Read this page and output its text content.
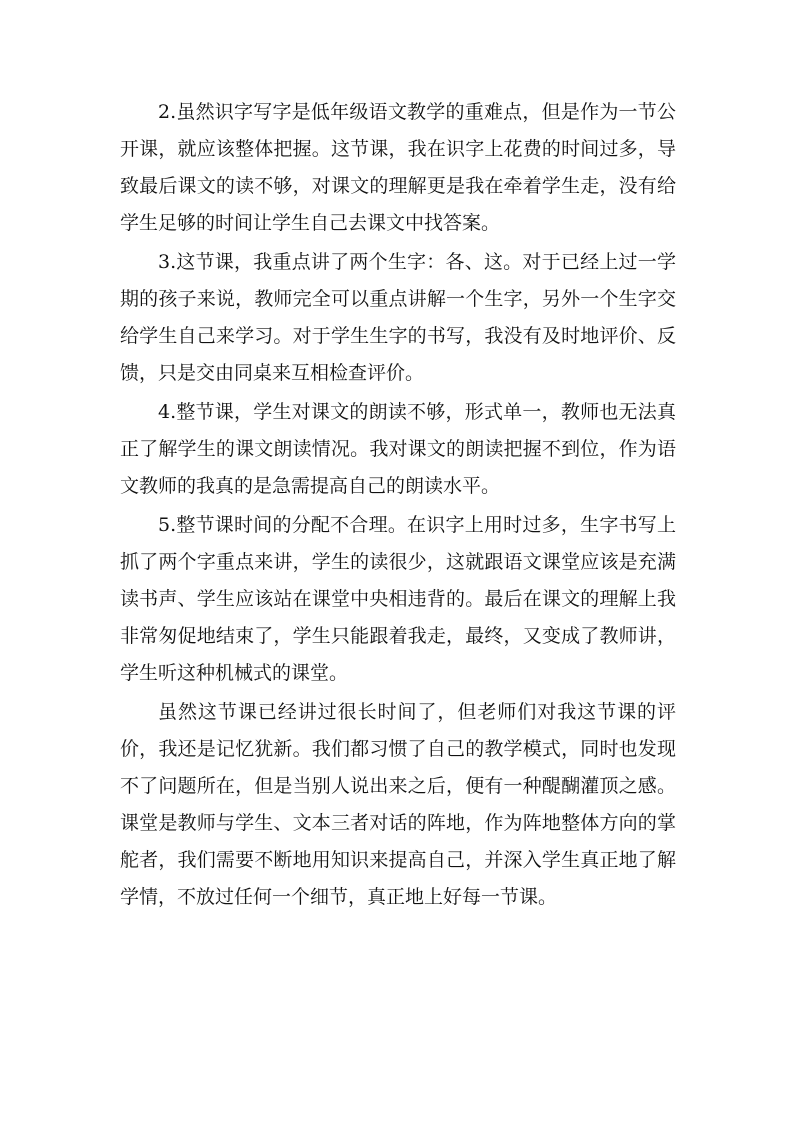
2.虽然识字写字是低年级语文教学的重难点，但是作为一节公开课，就应该整体把握。这节课，我在识字上花费的时间过多，导致最后课文的读不够，对课文的理解更是我在牵着学生走，没有给学生足够的时间让学生自己去课文中找答案。

3.这节课，我重点讲了两个生字：各、这。对于已经上过一学期的孩子来说，教师完全可以重点讲解一个生字，另外一个生字交给学生自己来学习。对于学生生字的书写，我没有及时地评价、反馈，只是交由同桌来互相检查评价。

4.整节课，学生对课文的朗读不够，形式单一，教师也无法真正了解学生的课文朗读情况。我对课文的朗读把握不到位，作为语文教师的我真的是急需提高自己的朗读水平。

5.整节课时间的分配不合理。在识字上用时过多，生字书写上抓了两个字重点来讲，学生的读很少，这就跟语文课堂应该是充满读书声、学生应该站在课堂中央相违背的。最后在课文的理解上我非常匆促地结束了，学生只能跟着我走，最终，又变成了教师讲，学生听这种机械式的课堂。

虽然这节课已经讲过很长时间了，但老师们对我这节课的评价，我还是记忆犹新。我们都习惯了自己的教学模式，同时也发现不了问题所在，但是当别人说出来之后，便有一种醍醐灌顶之感。课堂是教师与学生、文本三者对话的阵地，作为阵地整体方向的掌舵者，我们需要不断地用知识来提高自己，并深入学生真正地了解学情，不放过任何一个细节，真正地上好每一节课。
